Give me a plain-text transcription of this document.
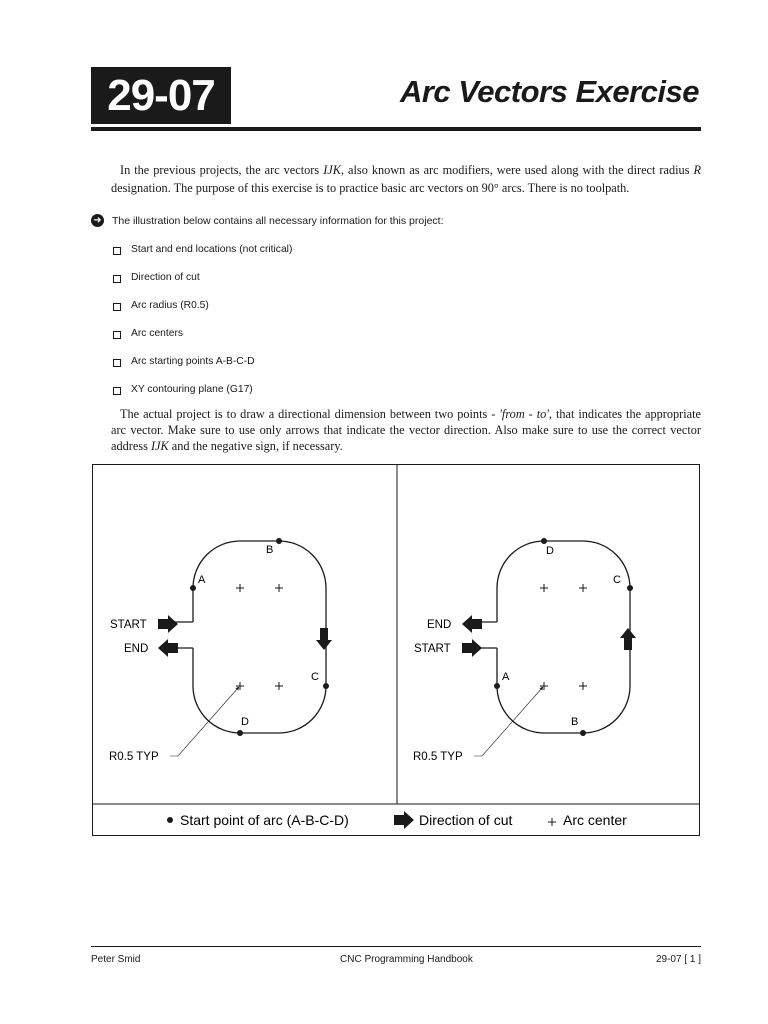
29-07	Arc Vectors Exercise

In the previous projects, the arc vectors IJK, also known as arc modifiers, were used along with the direct radius R designation. The purpose of this exercise is to practice basic arc vectors on 90° arcs. There is no toolpath.

➜ The illustration below contains all necessary information for this project:
Start and end locations (not critical)
Direction of cut
Arc radius (R0.5)
Arc centers
Arc starting points A-B-C-D
XY contouring plane (G17)

The actual project is to draw a directional dimension between two points - 'from - to', that indicates the appropriate arc vector. Make sure to use only arrows that indicate the vector direction. Also make sure to use the correct vector address IJK and the negative sign, if necessary.

A
B
C
D
START
END
R0.5 TYP
A
B
C
D
END
START
R0.5 TYP
Start point of arc (A-B-C-D)	Direction of cut	Arc center
Peter Smid	CNC Programming Handbook	29-07 [ 1 ]
